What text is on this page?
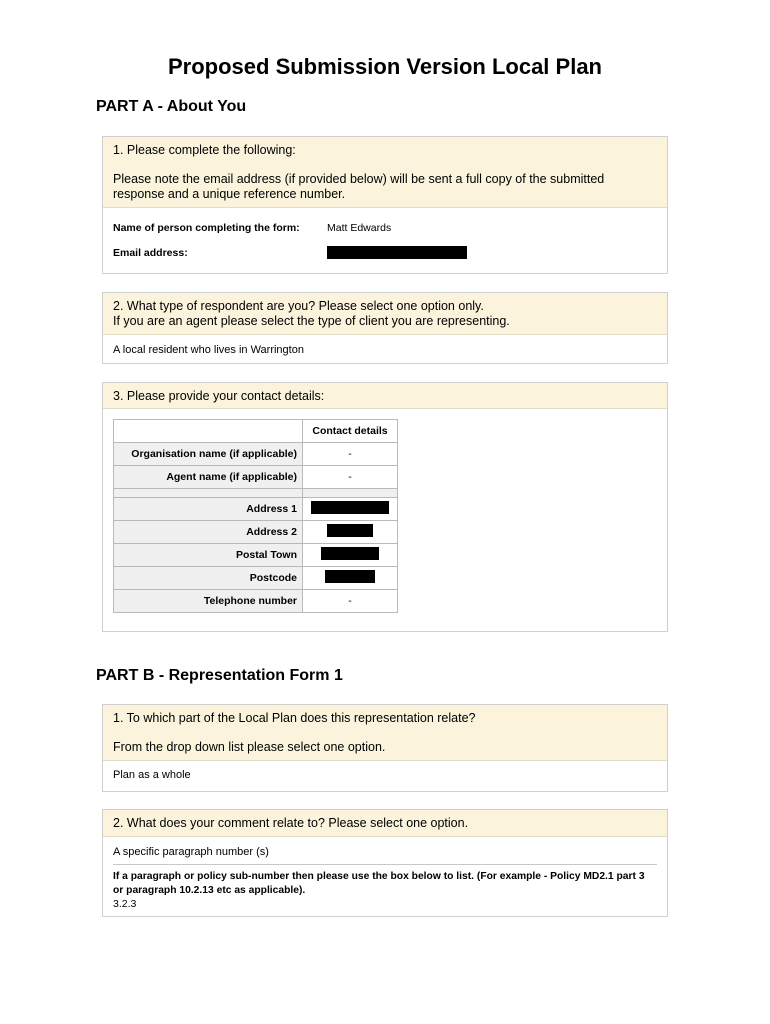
Proposed Submission Version Local Plan
PART A - About You

1. Please complete the following:

Please note the email address (if provided below) will be sent a full copy of the submitted response and a unique reference number.

Name of person completing the form:	Matt Edwards
Email address:

2. What type of respondent are you? Please select one option only.

If you are an agent please select the type of client you are representing.

A local resident who lives in Warrington

3. Please provide your contact details:

	Contact details
Organisation name (if applicable)	-
Agent name (if applicable)	-

Address 1	
Address 2	
Postal Town	
Postcode	
Telephone number	-
PART B - Representation Form 1

1. To which part of the Local Plan does this representation relate?

From the drop down list please select one option.

Plan as a whole

2. What does your comment relate to? Please select one option.

A specific paragraph number (s)
If a paragraph or policy sub-number then please use the box below to list. (For example - Policy MD2.1 part 3 or paragraph 10.2.13 etc as applicable).
3.2.3
